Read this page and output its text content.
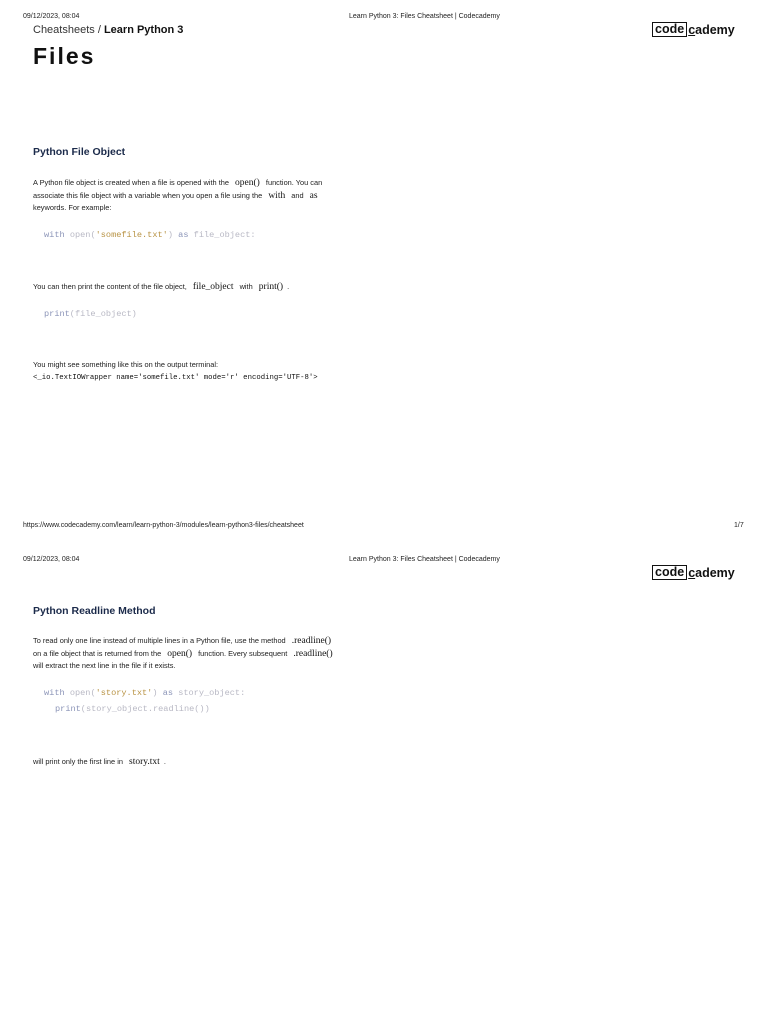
09/12/2023, 08:04	Learn Python 3: Files Cheatsheet | Codecademy
Cheatsheets / Learn Python 3	code cademy
Files
Python File Object
A Python file object is created when a file is opened with the open() function. You can associate this file object with a variable when you open a file using the with and as keywords. For example:
with open('somefile.txt') as file_object:
You can then print the content of the file object, file_object with print() .
print(file_object)
You might see something like this on the output terminal:
<_io.TextIOWrapper name='somefile.txt' mode='r' encoding='UTF-8'>
https://www.codecademy.com/learn/learn-python-3/modules/learn-python3-files/cheatsheet	1/7
09/12/2023, 08:04	Learn Python 3: Files Cheatsheet | Codecademy
code cademy
Python Readline Method
To read only one line instead of multiple lines in a Python file, use the method .readline() on a file object that is returned from the open() function. Every subsequent .readline() will extract the next line in the file if it exists.
with open('story.txt') as story_object:
print(story_object.readline())
will print only the first line in story.txt .
